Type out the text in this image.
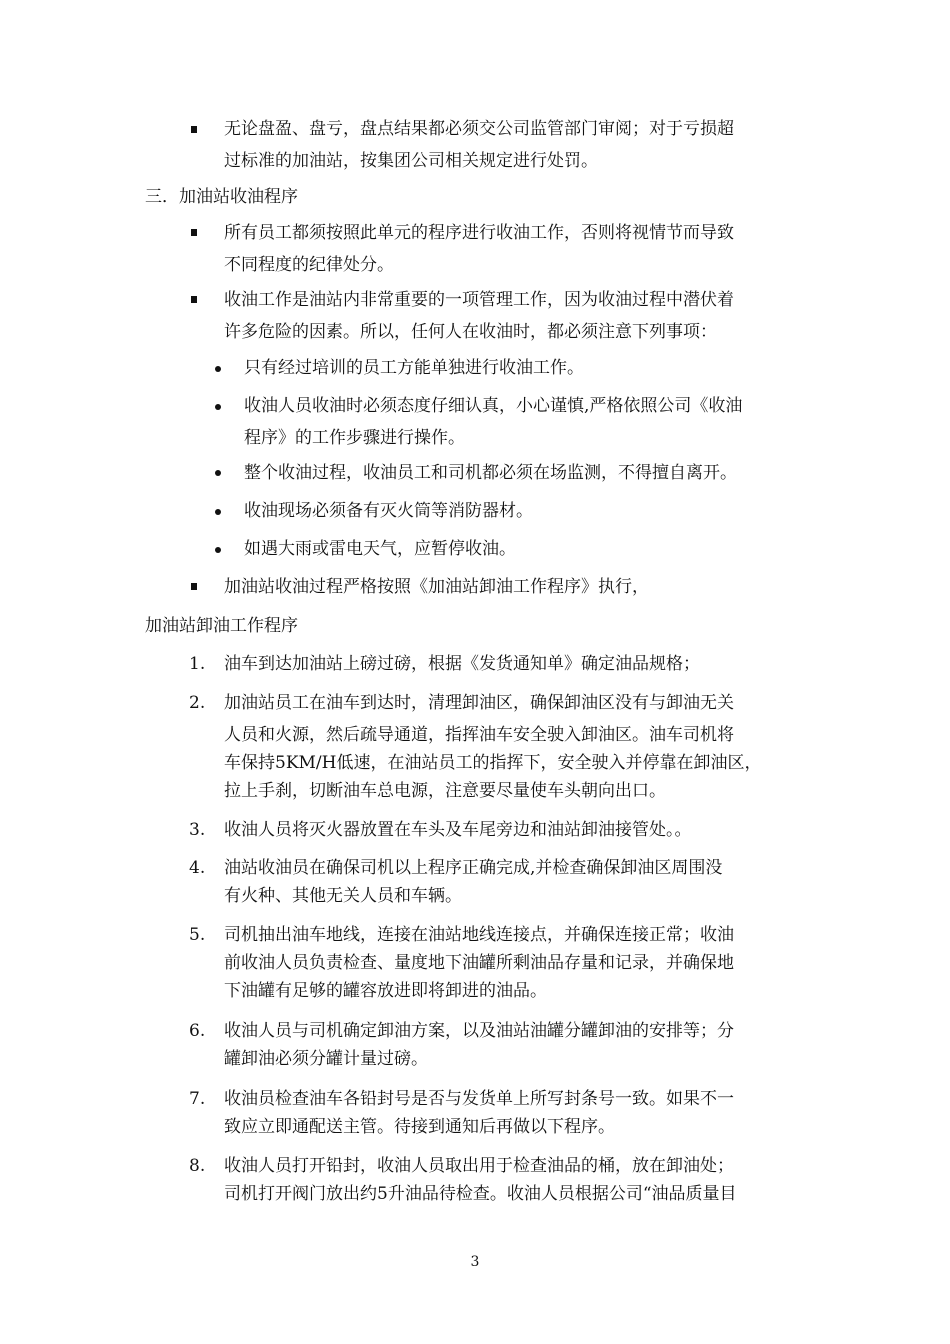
无论盘盈、盘亏，盘点结果都必须交公司监管部门审阅；对于亏损超
过标准的加油站，按集团公司相关规定进行处罚。
三．加油站收油程序
所有员工都须按照此单元的程序进行收油工作，否则将视情节而导致
不同程度的纪律处分。
收油工作是油站内非常重要的一项管理工作，因为收油过程中潜伏着
许多危险的因素。所以，任何人在收油时，都必须注意下列事项：
只有经过培训的员工方能单独进行收油工作。
收油人员收油时必须态度仔细认真，小心谨慎,严格依照公司《收油
程序》的工作步骤进行操作。
整个收油过程，收油员工和司机都必须在场监测，不得擅自离开。
收油现场必须备有灭火筒等消防器材。
如遇大雨或雷电天气，应暂停收油。
加油站收油过程严格按照《加油站卸油工作程序》执行，
加油站卸油工作程序
1. 油车到达加油站上磅过磅，根据《发货通知单》确定油品规格；
2. 加油站员工在油车到达时，清理卸油区，确保卸油区没有与卸油无关
人员和火源，然后疏导通道，指挥油车安全驶入卸油区。油车司机将
车保持5KM/H低速，在油站员工的指挥下，安全驶入并停靠在卸油区，
拉上手刹，切断油车总电源，注意要尽量使车头朝向出口。
3. 收油人员将灭火器放置在车头及车尾旁边和油站卸油接管处。。
4. 油站收油员在确保司机以上程序正确完成,并检查确保卸油区周围没
有火种、其他无关人员和车辆。
5. 司机抽出油车地线，连接在油站地线连接点，并确保连接正常；收油
前收油人员负责检查、量度地下油罐所剩油品存量和记录，并确保地
下油罐有足够的罐容放进即将卸进的油品。
6. 收油人员与司机确定卸油方案，以及油站油罐分罐卸油的安排等；分
罐卸油必须分罐计量过磅。
7. 收油员检查油车各铅封号是否与发货单上所写封条号一致。如果不一
致应立即通配送主管。待接到通知后再做以下程序。
8. 收油人员打开铅封，收油人员取出用于检查油品的桶，放在卸油处；
司机打开阀门放出约5升油品待检查。收油人员根据公司“油品质量目
3
